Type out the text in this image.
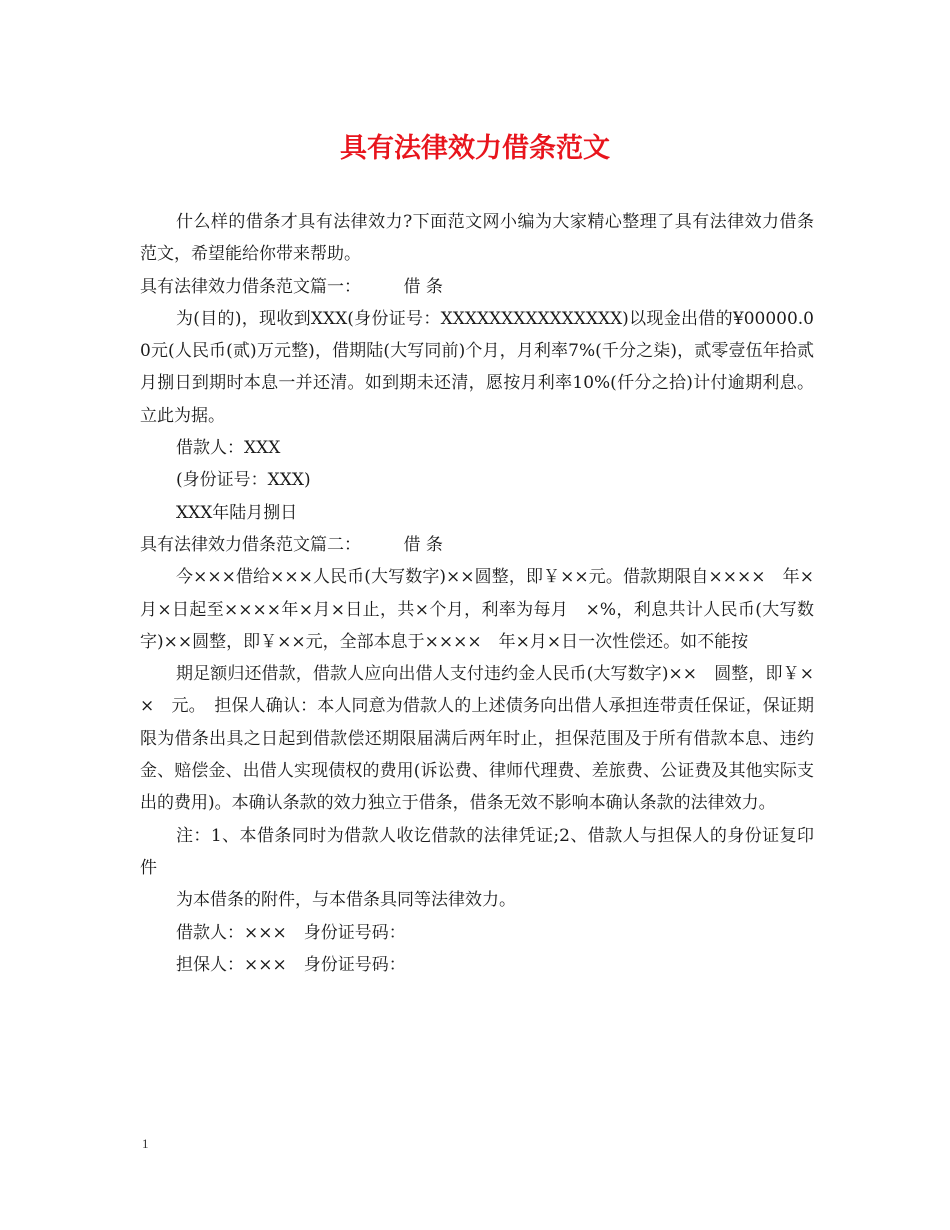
具有法律效力借条范文

什么样的借条才具有法律效力?下面范文网小编为大家精心整理了具有法律效力借条范文，希望能给你带来帮助。

具有法律效力借条范文篇一：　　　借 条

为(目的)，现收到XXX(身份证号：XXXXXXXXXXXXXXX)以现金出借的¥00000.00元(人民币(贰)万元整)，借期陆(大写同前)个月，月利率7%(千分之柒)，贰零壹伍年拾贰月捌日到期时本息一并还清。如到期未还清，愿按月利率10%(仟分之拾)计付逾期利息。立此为据。

借款人：XXX

(身份证号：XXX)

XXX年陆月捌日

具有法律效力借条范文篇二：　　　借 条

今×××借给×××人民币(大写数字)××圆整，即￥××元。借款期限自××××　年×月×日起至××××年×月×日止，共×个月，利率为每月　×%，利息共计人民币(大写数字)××圆整，即￥××元，全部本息于××××　年×月×日一次性偿还。如不能按

期足额归还借款，借款人应向出借人支付违约金人民币(大写数字)××　圆整，即￥××　元。　担保人确认：本人同意为借款人的上述债务向出借人承担连带责任保证，保证期限为借条出具之日起到借款偿还期限届满后两年时止，担保范围及于所有借款本息、违约金、赔偿金、出借人实现债权的费用(诉讼费、律师代理费、差旅费、公证费及其他实际支出的费用)。本确认条款的效力独立于借条，借条无效不影响本确认条款的法律效力。

注：1、本借条同时为借款人收讫借款的法律凭证;2、借款人与担保人的身份证复印件

为本借条的附件，与本借条具同等法律效力。

借款人：×××　身份证号码：

担保人：×××　身份证号码：

1
